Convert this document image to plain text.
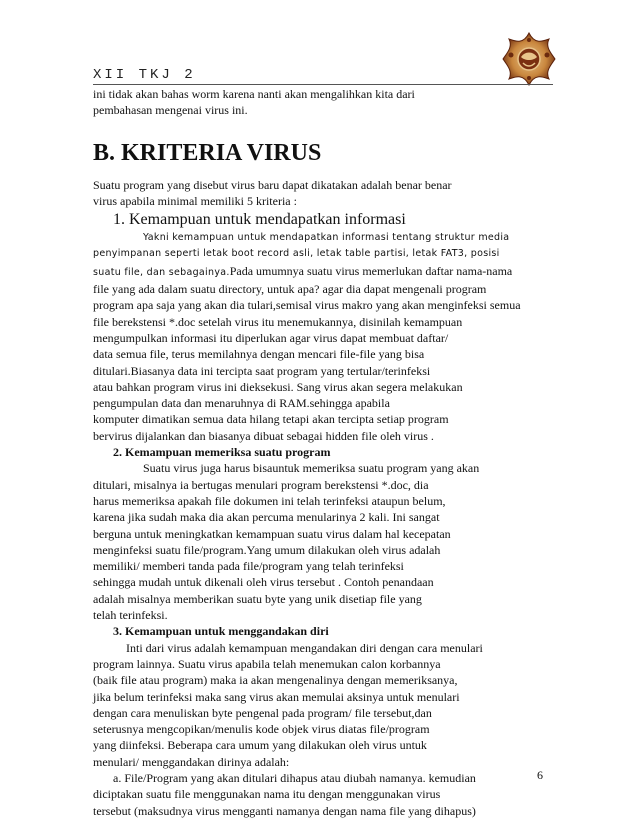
XII TKJ 2

ini tidak akan bahas worm karena nanti akan mengalihkan kita dari

pembahasan mengenai virus ini.

B. KRITERIA VIRUS

Suatu program yang disebut virus baru dapat dikatakan adalah benar benar

virus apabila minimal memiliki 5 kriteria :

1. Kemampuan untuk mendapatkan informasi

Yakni kemampuan untuk mendapatkan informasi tentang struktur media

penyimpanan seperti letak boot record asli, letak table partisi, letak FAT3, posisi

suatu file, dan sebagainya.Pada umumnya suatu virus memerlukan daftar nama-nama

file yang ada dalam suatu directory, untuk apa? agar dia dapat mengenali program

program apa saja yang akan dia tulari,semisal virus makro yang akan menginfeksi semua

file berekstensi *.doc setelah virus itu menemukannya, disinilah kemampuan

mengumpulkan informasi itu diperlukan agar virus dapat membuat daftar/

data semua file, terus memilahnya dengan mencari file-file yang bisa

ditulari.Biasanya data ini tercipta saat program yang tertular/terinfeksi

atau bahkan program virus ini dieksekusi. Sang virus akan segera melakukan

pengumpulan data dan menaruhnya di RAM.sehingga apabila

komputer dimatikan semua data hilang tetapi akan tercipta setiap program

bervirus dijalankan dan biasanya dibuat sebagai hidden file oleh virus .

2. Kemampuan memeriksa suatu program

Suatu virus juga harus bisauntuk memeriksa suatu program yang akan

ditulari, misalnya ia bertugas menulari program berekstensi *.doc, dia

harus memeriksa apakah file dokumen ini telah terinfeksi ataupun belum,

karena jika sudah maka dia akan percuma menularinya 2 kali. Ini sangat

berguna untuk meningkatkan kemampuan suatu virus dalam hal kecepatan

menginfeksi suatu file/program.Yang umum dilakukan oleh virus adalah

memiliki/ memberi tanda pada file/program yang telah terinfeksi

sehingga mudah untuk dikenali oleh virus tersebut . Contoh penandaan

adalah misalnya memberikan suatu byte yang unik disetiap file yang

telah terinfeksi.

3. Kemampuan untuk menggandakan diri

Inti dari virus adalah kemampuan mengandakan diri dengan cara menulari

program lainnya. Suatu virus apabila telah menemukan calon korbannya

(baik file atau program) maka ia akan mengenalinya dengan memeriksanya,

jika belum terinfeksi maka sang virus akan memulai aksinya untuk menulari

dengan cara menuliskan byte pengenal pada program/ file tersebut,dan

seterusnya mengcopikan/menulis kode objek virus diatas file/program

yang diinfeksi. Beberapa cara umum yang dilakukan oleh virus untuk

menulari/ menggandakan dirinya adalah:

a. File/Program yang akan ditulari dihapus atau diubah namanya. kemudian

diciptakan suatu file menggunakan nama itu dengan menggunakan virus

tersebut (maksudnya virus mengganti namanya dengan nama file yang dihapus)

6
